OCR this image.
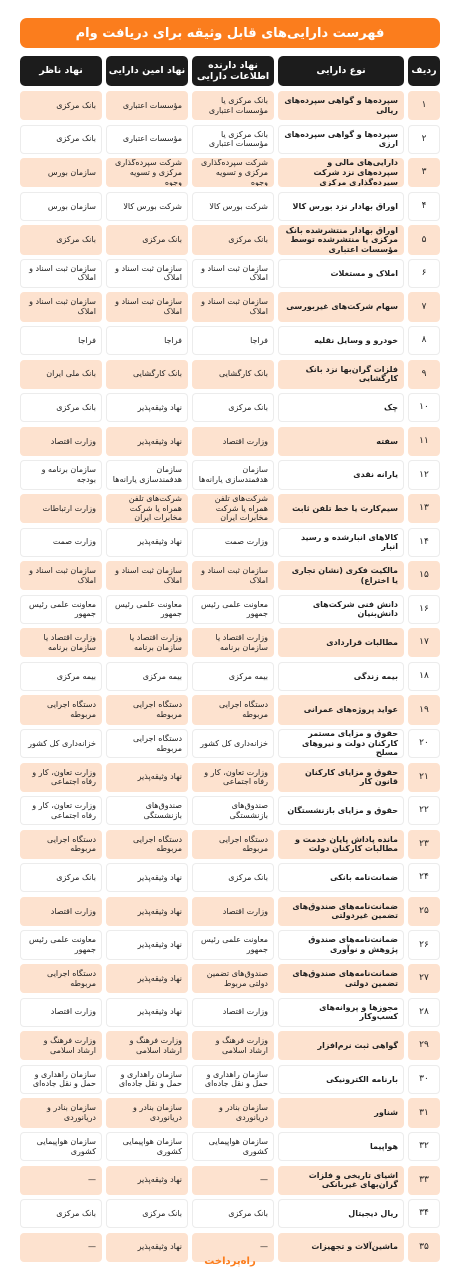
فهرست دارایی‌های قابل وثیقه برای دریافت وام
ردیف
نوع دارایی
نهاد دارنده اطلاعات دارایی
نهاد امین دارایی
نهاد ناظر
۱
سپرده‌ها و گواهی سپرده‌های ریالی
بانک مرکزی یا مؤسسات اعتباری
مؤسسات اعتباری
بانک مرکزی
۲
سپرده‌ها و گواهی سپرده‌های ارزی
بانک مرکزی یا مؤسسات اعتباری
مؤسسات اعتباری
بانک مرکزی
۳
دارایی‌های مالی و سپرده‌های نزد شرکت سپرده‌گذاری مرکزی
شرکت سپرده‌گذاری مرکزی و تسویه وجوه
شرکت سپرده‌گذاری مرکزی و تسویه وجوه
سازمان بورس
۴
اوراق بهادار نزد بورس کالا
شرکت بورس کالا
شرکت بورس کالا
سازمان بورس
۵
اوراق بهادار منتشرشده بانک مرکزی یا منتشرشده توسط مؤسسات اعتباری
بانک مرکزی
بانک مرکزی
بانک مرکزی
۶
املاک و مستغلات
سازمان ثبت اسناد و املاک
سازمان ثبت اسناد و املاک
سازمان ثبت اسناد و املاک
۷
سهام شرکت‌های غیربورسی
سازمان ثبت اسناد و املاک
سازمان ثبت اسناد و املاک
سازمان ثبت اسناد و املاک
۸
خودرو و وسایل نقلیه
فراجا
فراجا
فراجا
۹
فلزات گران‌بها نزد بانک کارگشایی
بانک کارگشایی
بانک کارگشایی
بانک ملی ایران
۱۰
چک
بانک مرکزی
نهاد وثیقه‌پذیر
بانک مرکزی
۱۱
سفته
وزارت اقتصاد
نهاد وثیقه‌پذیر
وزارت اقتصاد
۱۲
یارانه نقدی
سازمان هدفمندسازی یارانه‌ها
سازمان هدفمندسازی یارانه‌ها
سازمان برنامه و بودجه
۱۳
سیم‌کارت یا خط تلفن ثابت
شرکت‌های تلفن همراه یا شرکت مخابرات ایران
شرکت‌های تلفن همراه یا شرکت مخابرات ایران
وزارت ارتباطات
۱۴
کالاهای انبارشده و رسید انبار
وزارت صمت
نهاد وثیقه‌پذیر
وزارت صمت
۱۵
مالکیت فکری (نشان تجاری یا اختراع)
سازمان ثبت اسناد و املاک
سازمان ثبت اسناد و املاک
سازمان ثبت اسناد و املاک
۱۶
دانش فنی شرکت‌های دانش‌بنیان
معاونت علمی رئیس جمهور
معاونت علمی رئیس جمهور
معاونت علمی رئیس جمهور
۱۷
مطالبات قراردادی
وزارت اقتصاد یا سازمان برنامه
وزارت اقتصاد یا سازمان برنامه
وزارت اقتصاد یا سازمان برنامه
۱۸
بیمه زندگی
بیمه مرکزی
بیمه مرکزی
بیمه مرکزی
۱۹
عواید پروژه‌های عمرانی
دستگاه اجرایی مربوطه
دستگاه اجرایی مربوطه
دستگاه اجرایی مربوطه
۲۰
حقوق و مزایای مستمر کارکنان دولت و نیروهای مسلح
خزانه‌داری کل کشور
دستگاه اجرایی مربوطه
خزانه‌داری کل کشور
۲۱
حقوق و مزایای کارکنان قانون کار
وزارت تعاون، کار و رفاه اجتماعی
نهاد وثیقه‌پذیر
وزارت تعاون، کار و رفاه اجتماعی
۲۲
حقوق و مزایای بازنشستگان
صندوق‌های بازنشستگی
صندوق‌های بازنشستگی
وزارت تعاون، کار و رفاه اجتماعی
۲۳
مانده پاداش پایان خدمت و مطالبات کارکنان دولت
دستگاه اجرایی مربوطه
دستگاه اجرایی مربوطه
دستگاه اجرایی مربوطه
۲۴
ضمانت‌نامه بانکی
بانک مرکزی
نهاد وثیقه‌پذیر
بانک مرکزی
۲۵
ضمانت‌نامه‌های صندوق‌های تضمین غیردولتی
وزارت اقتصاد
نهاد وثیقه‌پذیر
وزارت اقتصاد
۲۶
ضمانت‌نامه‌های صندوق پژوهش و نوآوری
معاونت علمی رئیس جمهور
نهاد وثیقه‌پذیر
معاونت علمی رئیس جمهور
۲۷
ضمانت‌نامه‌های صندوق‌های تضمین دولتی
صندوق‌های تضمین دولتی مربوط
نهاد وثیقه‌پذیر
دستگاه اجرایی مربوطه
۲۸
مجوزها و پروانه‌های کسب‌وکار
وزارت اقتصاد
نهاد وثیقه‌پذیر
وزارت اقتصاد
۲۹
گواهی ثبت نرم‌افزار
وزارت فرهنگ و ارشاد اسلامی
وزارت فرهنگ و ارشاد اسلامی
وزارت فرهنگ و ارشاد اسلامی
۳۰
بارنامه الکترونیکی
سازمان راهداری و حمل و نقل جاده‌ای
سازمان راهداری و حمل و نقل جاده‌ای
سازمان راهداری و حمل و نقل جاده‌ای
۳۱
شناور
سازمان بنادر و دریانوردی
سازمان بنادر و دریانوردی
سازمان بنادر و دریانوردی
۳۲
هواپیما
سازمان هواپیمایی کشوری
سازمان هواپیمایی کشوری
سازمان هواپیمایی کشوری
۳۳
اشیای تاریخی و فلزات گران‌بهای غیربانکی
—
نهاد وثیقه‌پذیر
—
۳۴
ریال دیجیتال
بانک مرکزی
بانک مرکزی
بانک مرکزی
۳۵
ماشین‌آلات و تجهیزات
—
نهاد وثیقه‌پذیر
—
راه‌پرداخت
